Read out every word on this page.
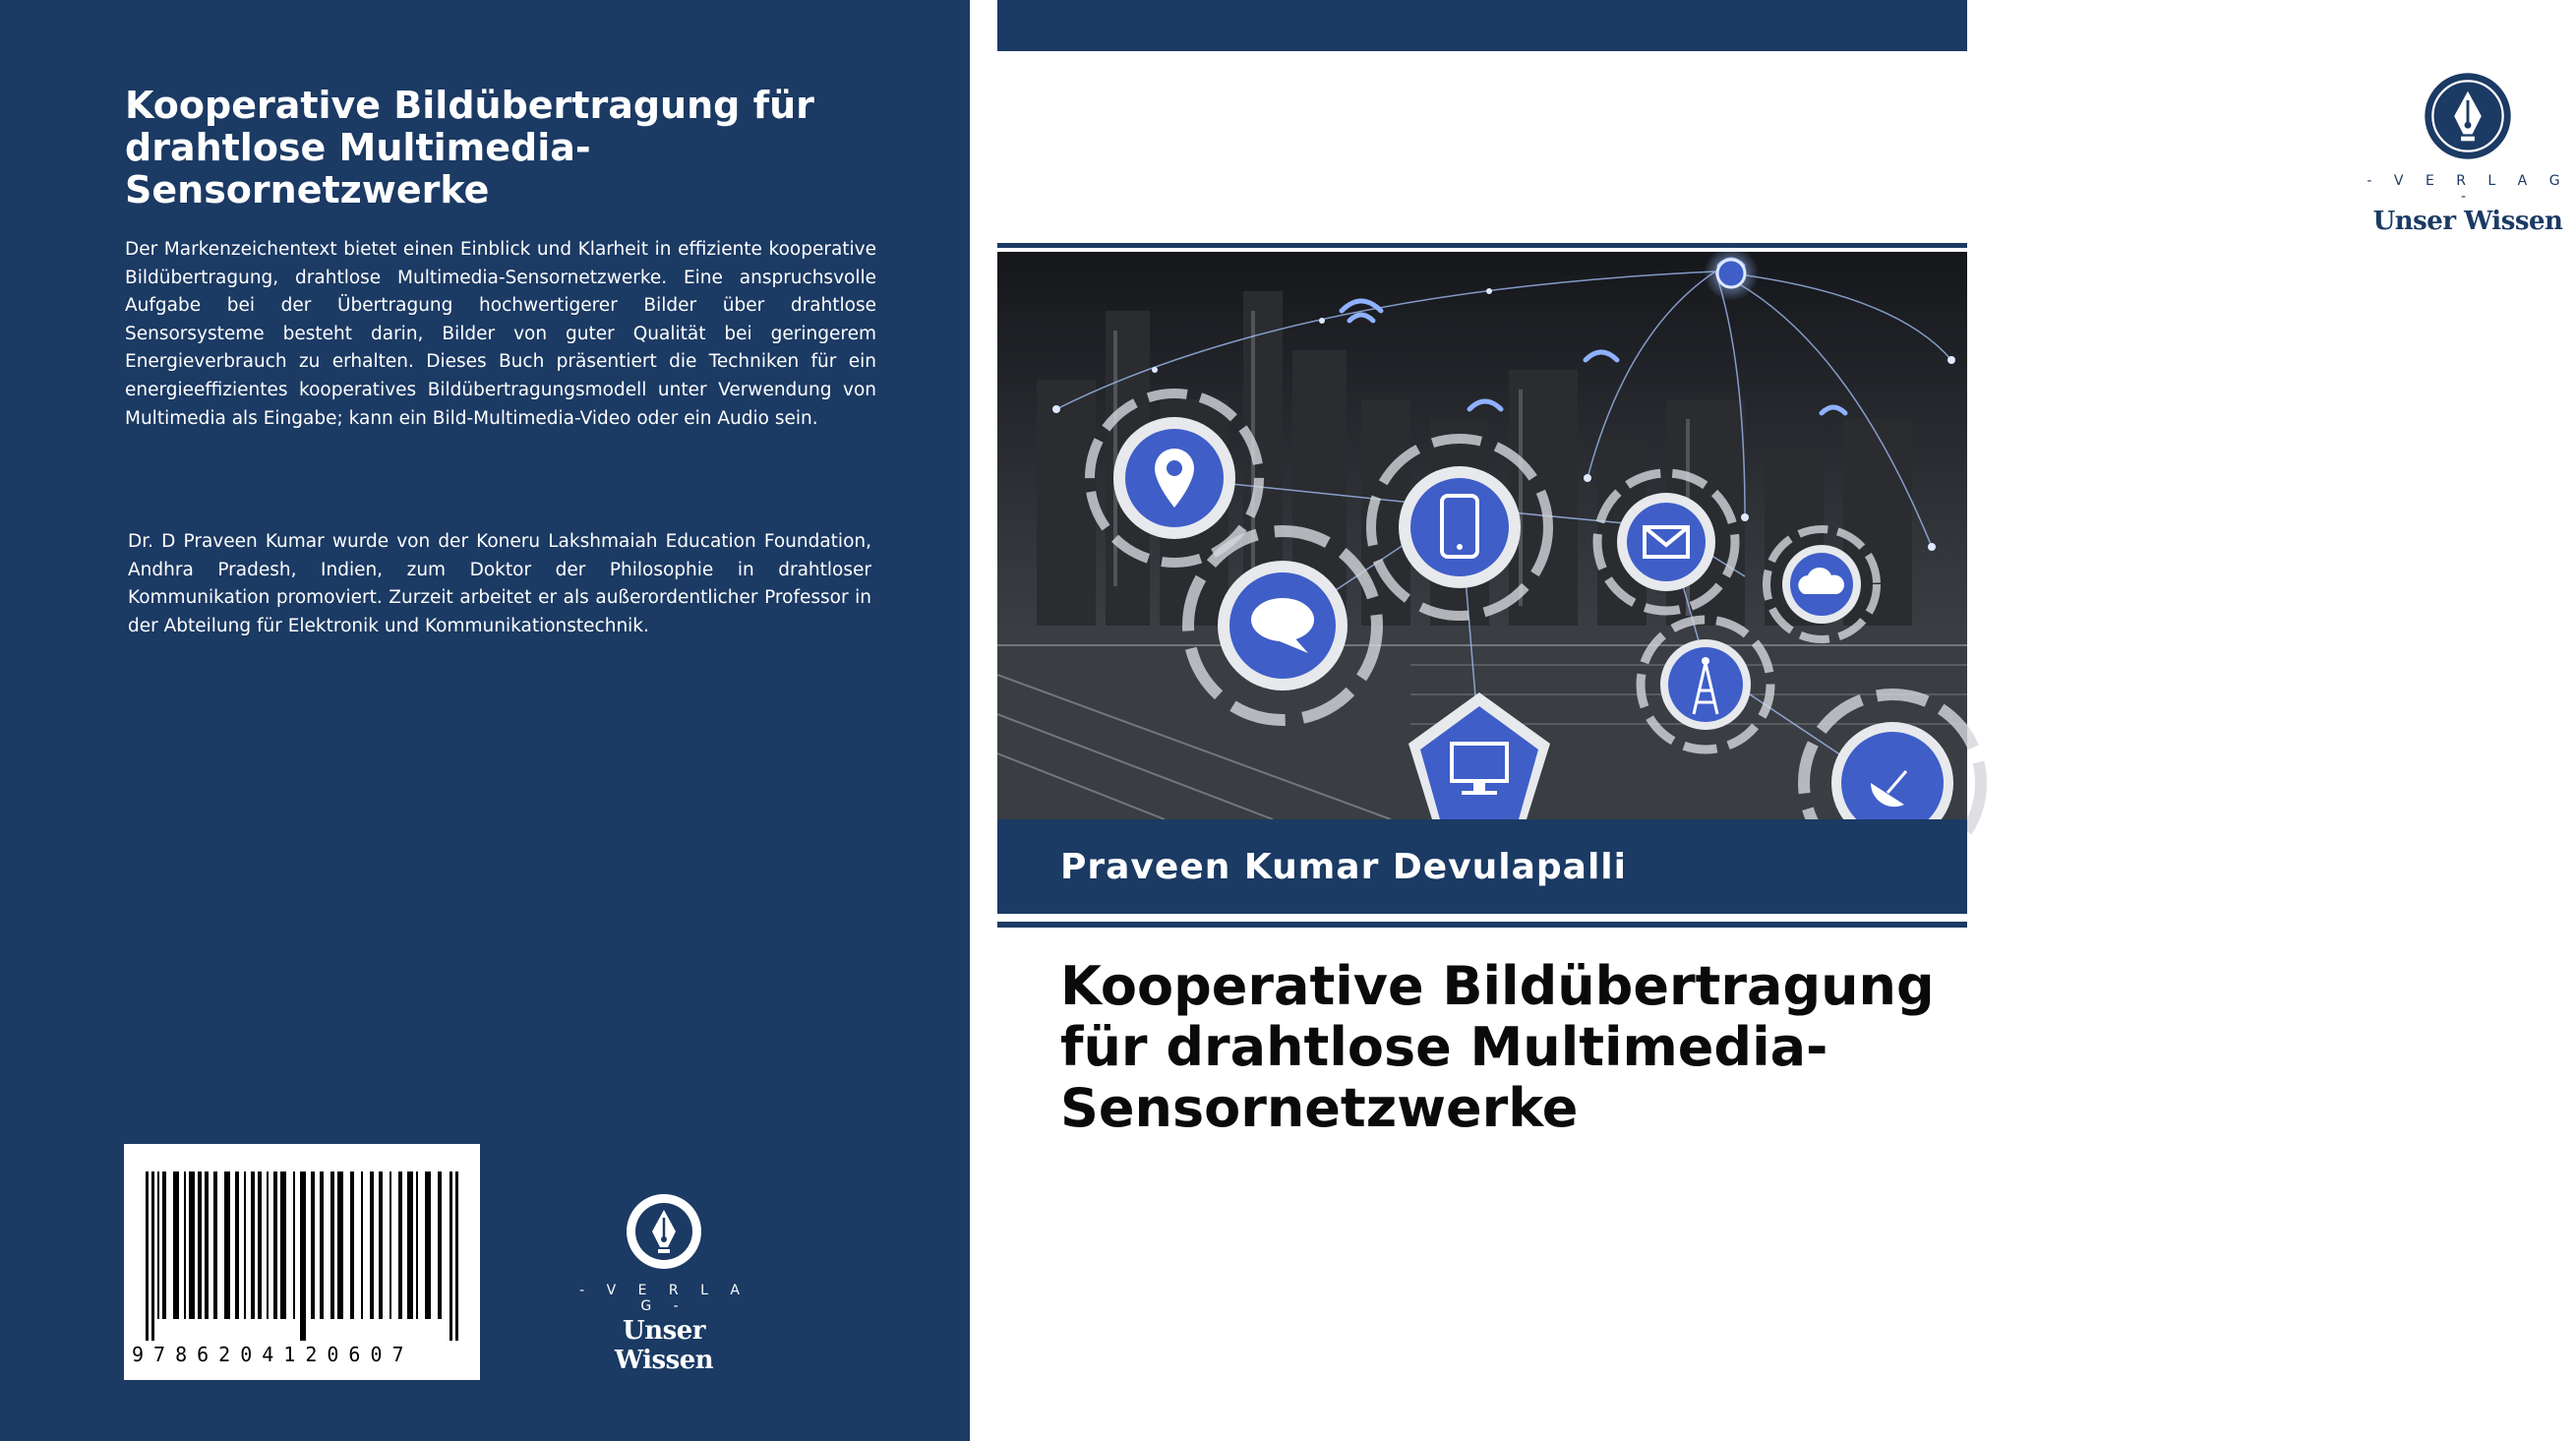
Kooperative Bildübertragung für drahtlose Multimedia-Sensornetzwerke

Der Markenzeichentext bietet einen Einblick und Klarheit in effiziente kooperative Bildübertragung, drahtlose Multimedia-Sensornetzwerke. Eine anspruchsvolle Aufgabe bei der Übertragung hochwertigerer Bilder über drahtlose Sensorsysteme besteht darin, Bilder von guter Qualität bei geringerem Energieverbrauch zu erhalten. Dieses Buch präsentiert die Techniken für ein energieeffizientes kooperatives Bildübertragungsmodell unter Verwendung von Multimedia als Eingabe; kann ein Bild-Multimedia-Video oder ein Audio sein.

Dr. D Praveen Kumar wurde von der Koneru Lakshmaiah Education Foundation, Andhra Pradesh, Indien, zum Doktor der Philosophie in drahtloser Kommunikation promoviert. Zurzeit arbeitet er als außerordentlicher Professor in der Abteilung für Elektronik und Kommunikationstechnik.

9786204120607
- V E R L A G -
Unser Wissen
- V E R L A G -
Unser Wissen
Praveen Kumar Devulapalli
Kooperative Bildübertragung für drahtlose Multimedia-Sensornetzwerke
